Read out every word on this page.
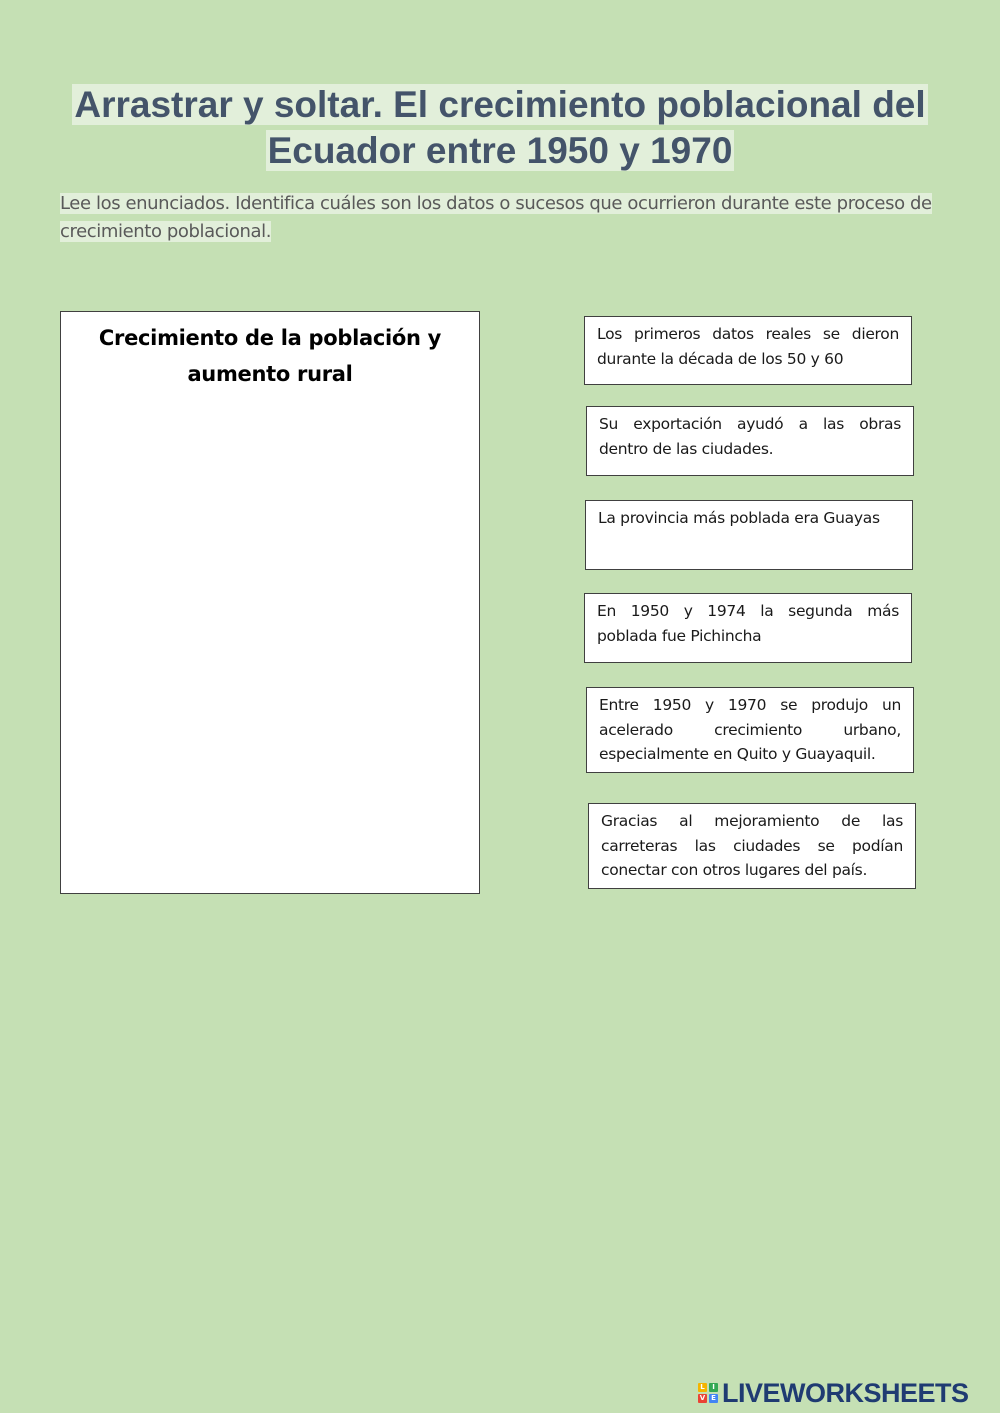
Arrastrar y soltar. El crecimiento poblacional del
Ecuador entre 1950 y 1970
Lee los enunciados. Identifica cuáles son los datos o sucesos que ocurrieron durante este proceso de
crecimiento poblacional.
Crecimiento de la población y
aumento rural
Los primeros datos reales se dieron durante la década de los 50 y 60
Su exportación ayudó a las obras dentro de las ciudades.
La provincia más poblada era Guayas
En 1950 y 1974 la segunda más poblada fue Pichincha
Entre 1950 y 1970 se produjo un acelerado crecimiento urbano, especialmente en Quito y Guayaquil.
Gracias al mejoramiento de las carreteras las ciudades se podían conectar con otros lugares del país.
L	I
V E LIVEWORKSHEETS
